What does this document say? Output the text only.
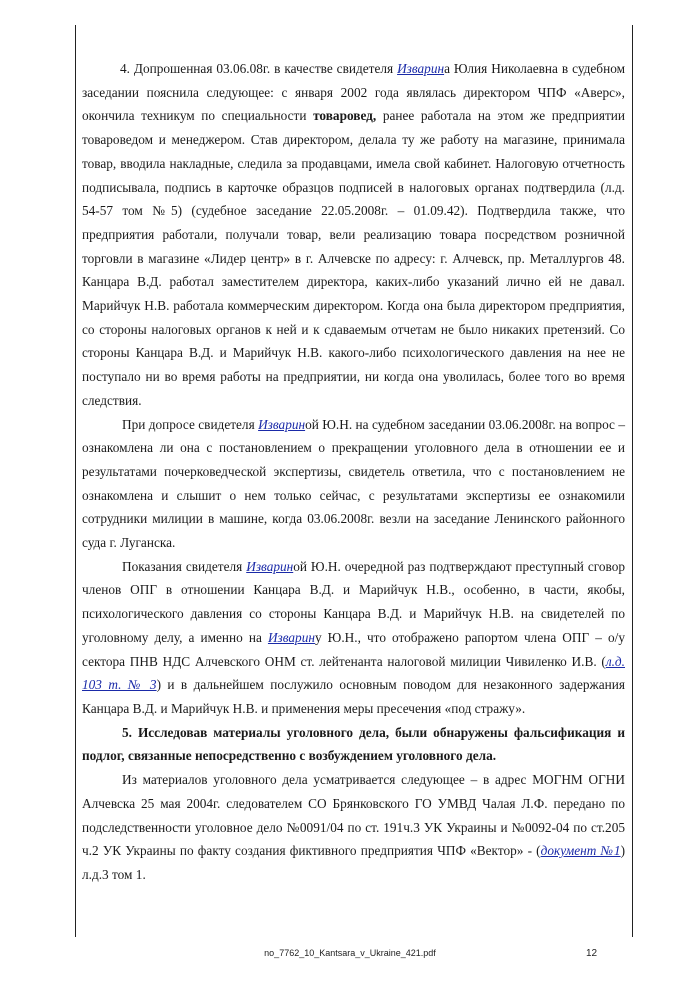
4. Допрошенная 03.06.08г. в качестве свидетеля Изварина Юлия Николаевна в судебном заседании пояснила следующее: с января 2002 года являлась директором ЧПФ «Аверс», окончила техникум по специальности товаровед, ранее работала на этом же предприятии товароведом и менеджером. Став директором, делала ту же работу на магазине, принимала товар, вводила накладные, следила за продавцами, имела свой кабинет. Налоговую отчетность подписывала, подпись в карточке образцов подписей в налоговых органах подтвердила (л.д. 54-57 том №5) (судебное заседание 22.05.2008г. – 01.09.42). Подтвердила также, что предприятия работали, получали товар, вели реализацию товара посредством розничной торговли в магазине «Лидер центр» в г. Алчевске по адресу: г. Алчевск, пр. Металлургов 48. Канцара В.Д. работал заместителем директора, каких-либо указаний лично ей не давал. Марийчук Н.В. работала коммерческим директором. Когда она была директором предприятия, со стороны налоговых органов к ней и к сдаваемым отчетам не было никаких претензий. Со стороны Канцара В.Д. и Марийчук Н.В. какого-либо психологического давления на нее не поступало ни во время работы на предприятии, ни когда она уволилась, более того во время следствия.

При допросе свидетеля Извариной Ю.Н. на судебном заседании 03.06.2008г. на вопрос – ознакомлена ли она с постановлением о прекращении уголовного дела в отношении ее и результатами почерковедческой экспертизы, свидетель ответила, что с постановлением не ознакомлена и слышит о нем только сейчас, с результатами экспертизы ее ознакомили сотрудники милиции в машине, когда 03.06.2008г. везли на заседание Ленинского районного суда г. Луганска.

Показания свидетеля Извариной Ю.Н. очередной раз подтверждают преступный сговор членов ОПГ в отношении Канцара В.Д. и Марийчук Н.В., особенно, в части, якобы, психологического давления со стороны Канцара В.Д. и Марийчук Н.В. на свидетелей по уголовному делу, а именно на Изварину Ю.Н., что отображено рапортом члена ОПГ – о/у сектора ПНВ НДС Алчевского ОНМ ст. лейтенанта налоговой милиции Чивиленко И.В. (л.д. 103 т. № 3) и в дальнейшем послужило основным поводом для незаконного задержания Канцара В.Д. и Марийчук Н.В. и применения меры пресечения «под стражу».

5. Исследовав материалы уголовного дела, были обнаружены фальсификация и подлог, связанные непосредственно с возбуждением уголовного дела.

Из материалов уголовного дела усматривается следующее – в адрес МОГНМ ОГНИ Алчевска 25 мая 2004г. следователем СО Брянковского ГО УМВД Чалая Л.Ф. передано по подследственности уголовное дело №0091/04 по ст. 191ч.3 УК Украины и №0092-04 по ст.205 ч.2 УК Украины по факту создания фиктивного предприятия ЧПФ «Вектор» - (документ №1) л.д.3 том 1.

no_7762_10_Kantsara_v_Ukraine_421.pdf	12
